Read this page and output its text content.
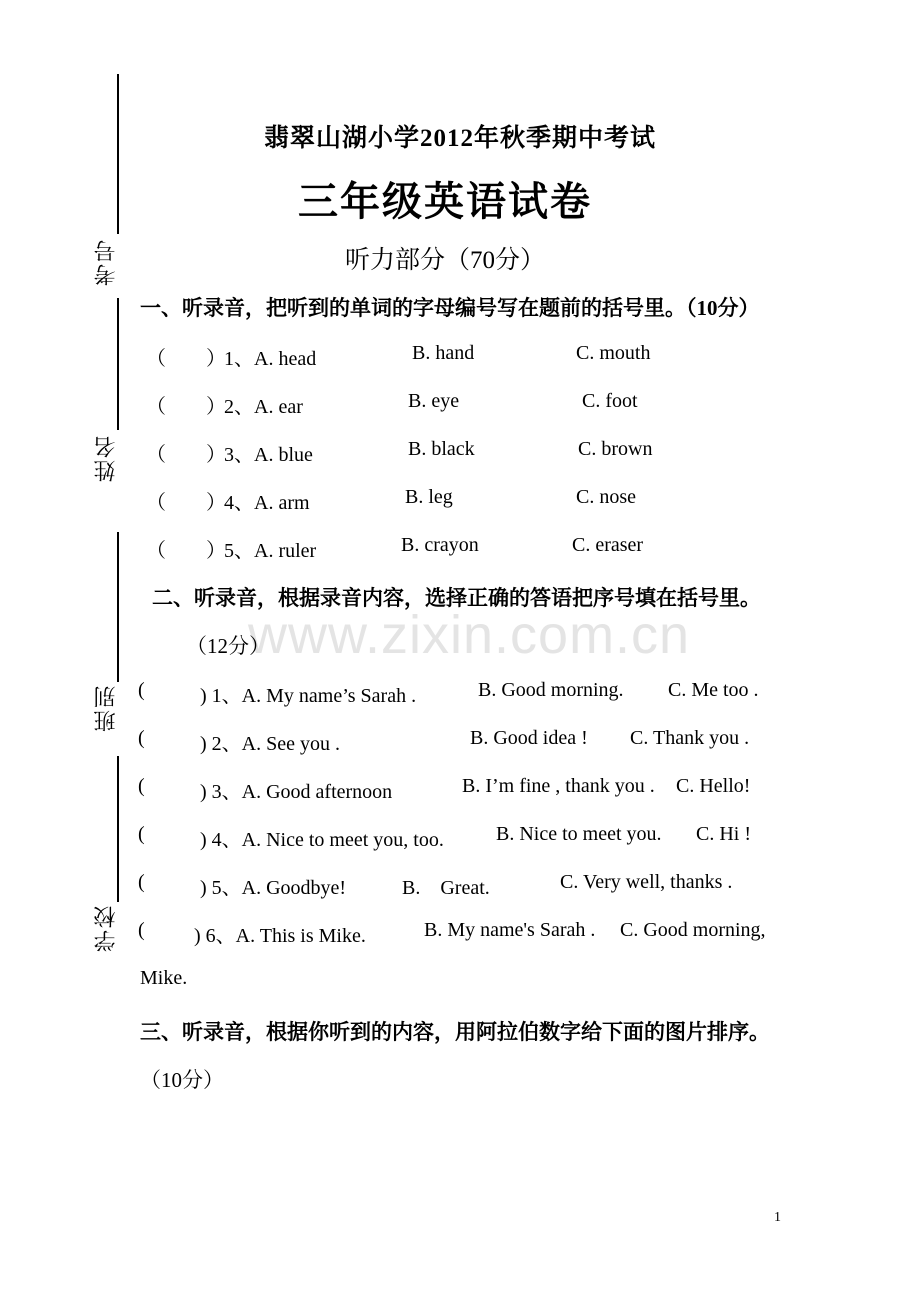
考号
姓名
班别
学校
翡翠山湖小学2012年秋季期中考试
三年级英语试卷
听力部分（70分）
www.zixin.com.cn
一、听录音，把听到的单词的字母编号写在题前的括号里。（10分）
（　　）
1、A. head	B. hand	C. mouth
（　　）
2、A. ear	B. eye	C. foot
（　　）
3、A. blue	B. black	C. brown
（　　）
4、A. arm	B. leg	C. nose
（　　）
5、A. ruler	B. crayon	C. eraser
二、听录音，根据录音内容，选择正确的答语把序号填在括号里。
（12分）
(	) 1、A. My name’s Sarah .	B. Good morning. C. Me too .
(	) 2、A. See you .	B. Good idea ! C. Thank you .
(	) 3、A. Good afternoon	B. I’m fine , thank you . C. Hello!
(	) 4、A. Nice to meet you, too.	B. Nice to meet you. C. Hi !
(	) 5、A. Goodbye!	B.　Great.	C. Very well, thanks .
( ) 6、A. This is Mike.	B. My name's Sarah . C. Good morning,
Mike.
三、听录音，根据你听到的内容，用阿拉伯数字给下面的图片排序。
（10分）
1
